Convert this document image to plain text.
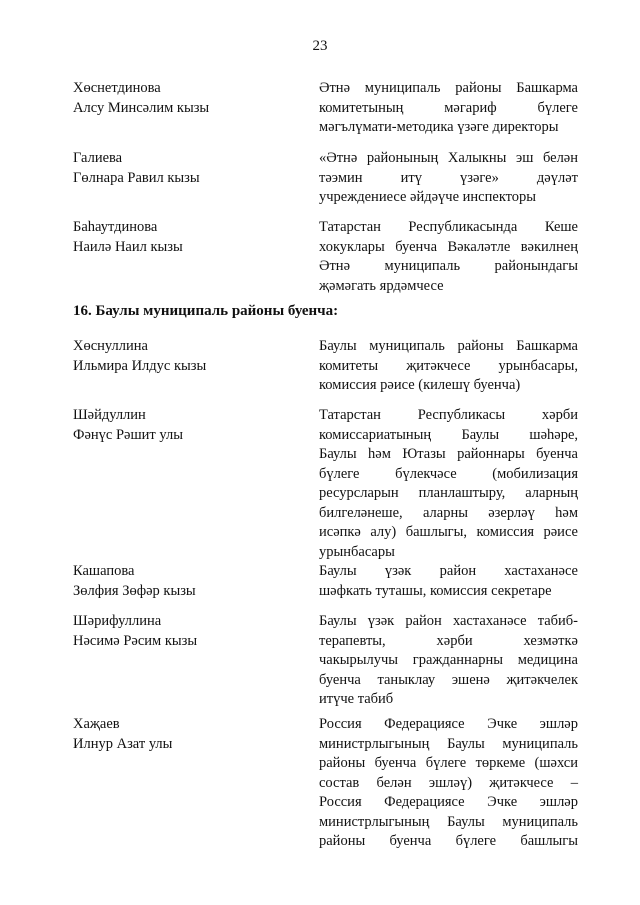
23
Хөснетдинова
Алсу Минсәлим кызы
Әтнә муниципаль районы Башкарма
комитетының мәгариф бүлеге
мәгълүмати-методика үзәге директоры
Галиева
Гөлнара Равил кызы
«Әтнә районының Халыкны эш белән
тәэмин итү үзәге» дәүләт
учреждениесе әйдәүче инспекторы
Баһаутдинова
Наилә Наил кызы
Татарстан Республикасында Кеше
хокуклары буенча Вәкаләтле вәкилнең
Әтнә муниципаль районындагы
җәмәгать ярдәмчесе
16. Баулы муниципаль районы буенча:
Хөснуллина
Ильмира Илдус кызы
Баулы муниципаль районы Башкарма
комитеты җитәкчесе урынбасары,
комиссия рәисе (килешү буенча)
Шәйдуллин
Фәнүс Рәшит улы
Татарстан Республикасы хәрби
комиссариатының Баулы шәһәре,
Баулы һәм Ютазы районнары буенча
бүлеге бүлекчәсе (мобилизация
ресурсларын планлаштыру, аларның
билгеләнеше, аларны әзерләү һәм
исәпкә алу) башлыгы, комиссия рәисе
урынбасары
Кашапова
Зөлфия Зөфәр кызы
Баулы үзәк район хастаханәсе
шәфкать туташы, комиссия секретаре
Шәрифуллина
Нәсимә Рәсим кызы
Баулы үзәк район хастаханәсе табиб-
терапевты, хәрби хезмәткә
чакырылучы гражданнарны медицина
буенча таныклау эшенә җитәкчелек
итүче табиб
Хаҗаев
Илнур Азат улы
Россия Федерациясе Эчке эшләр
министрлыгының Баулы муниципаль
районы буенча бүлеге төркеме (шәхси
состав белән эшләү) җитәкчесе –
Россия Федерациясе Эчке эшләр
министрлыгының Баулы муниципаль
районы буенча бүлеге башлыгы
